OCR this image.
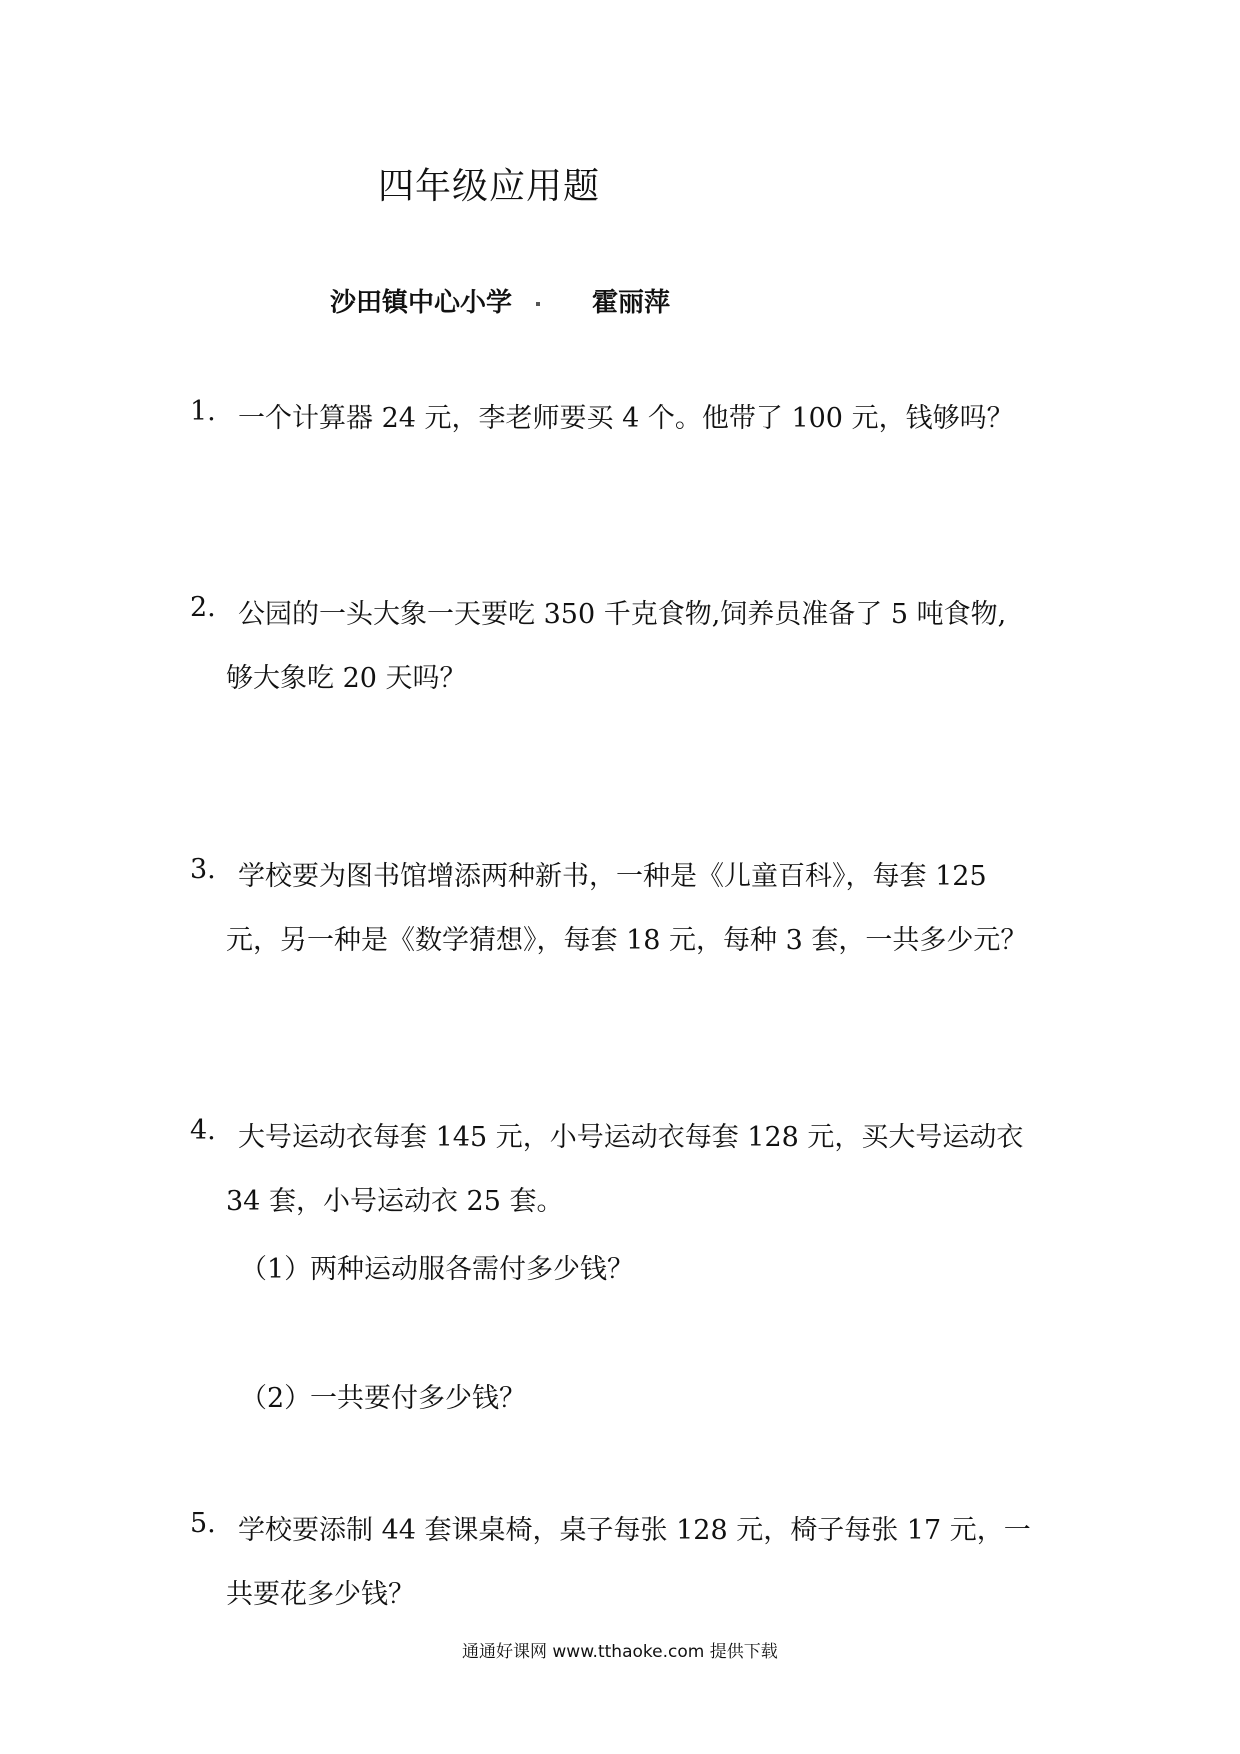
四年级应用题
沙田镇中心小学	霍丽萍
1. 一个计算器 24 元，李老师要买 4 个。他带了 100 元，钱够吗？
2. 公园的一头大象一天要吃 350 千克食物,饲养员准备了 5 吨食物,
够大象吃 20 天吗？
3. 学校要为图书馆增添两种新书，一种是《儿童百科》，每套 125
元，另一种是《数学猜想》，每套 18 元，每种 3 套，一共多少元？
4. 大号运动衣每套 145 元，小号运动衣每套 128 元，买大号运动衣
34 套，小号运动衣 25 套。
（1）两种运动服各需付多少钱？
（2）一共要付多少钱？
5. 学校要添制 44 套课桌椅，桌子每张 128 元，椅子每张 17 元，一
共要花多少钱？
通通好课网 www.tthaoke.com 提供下载
